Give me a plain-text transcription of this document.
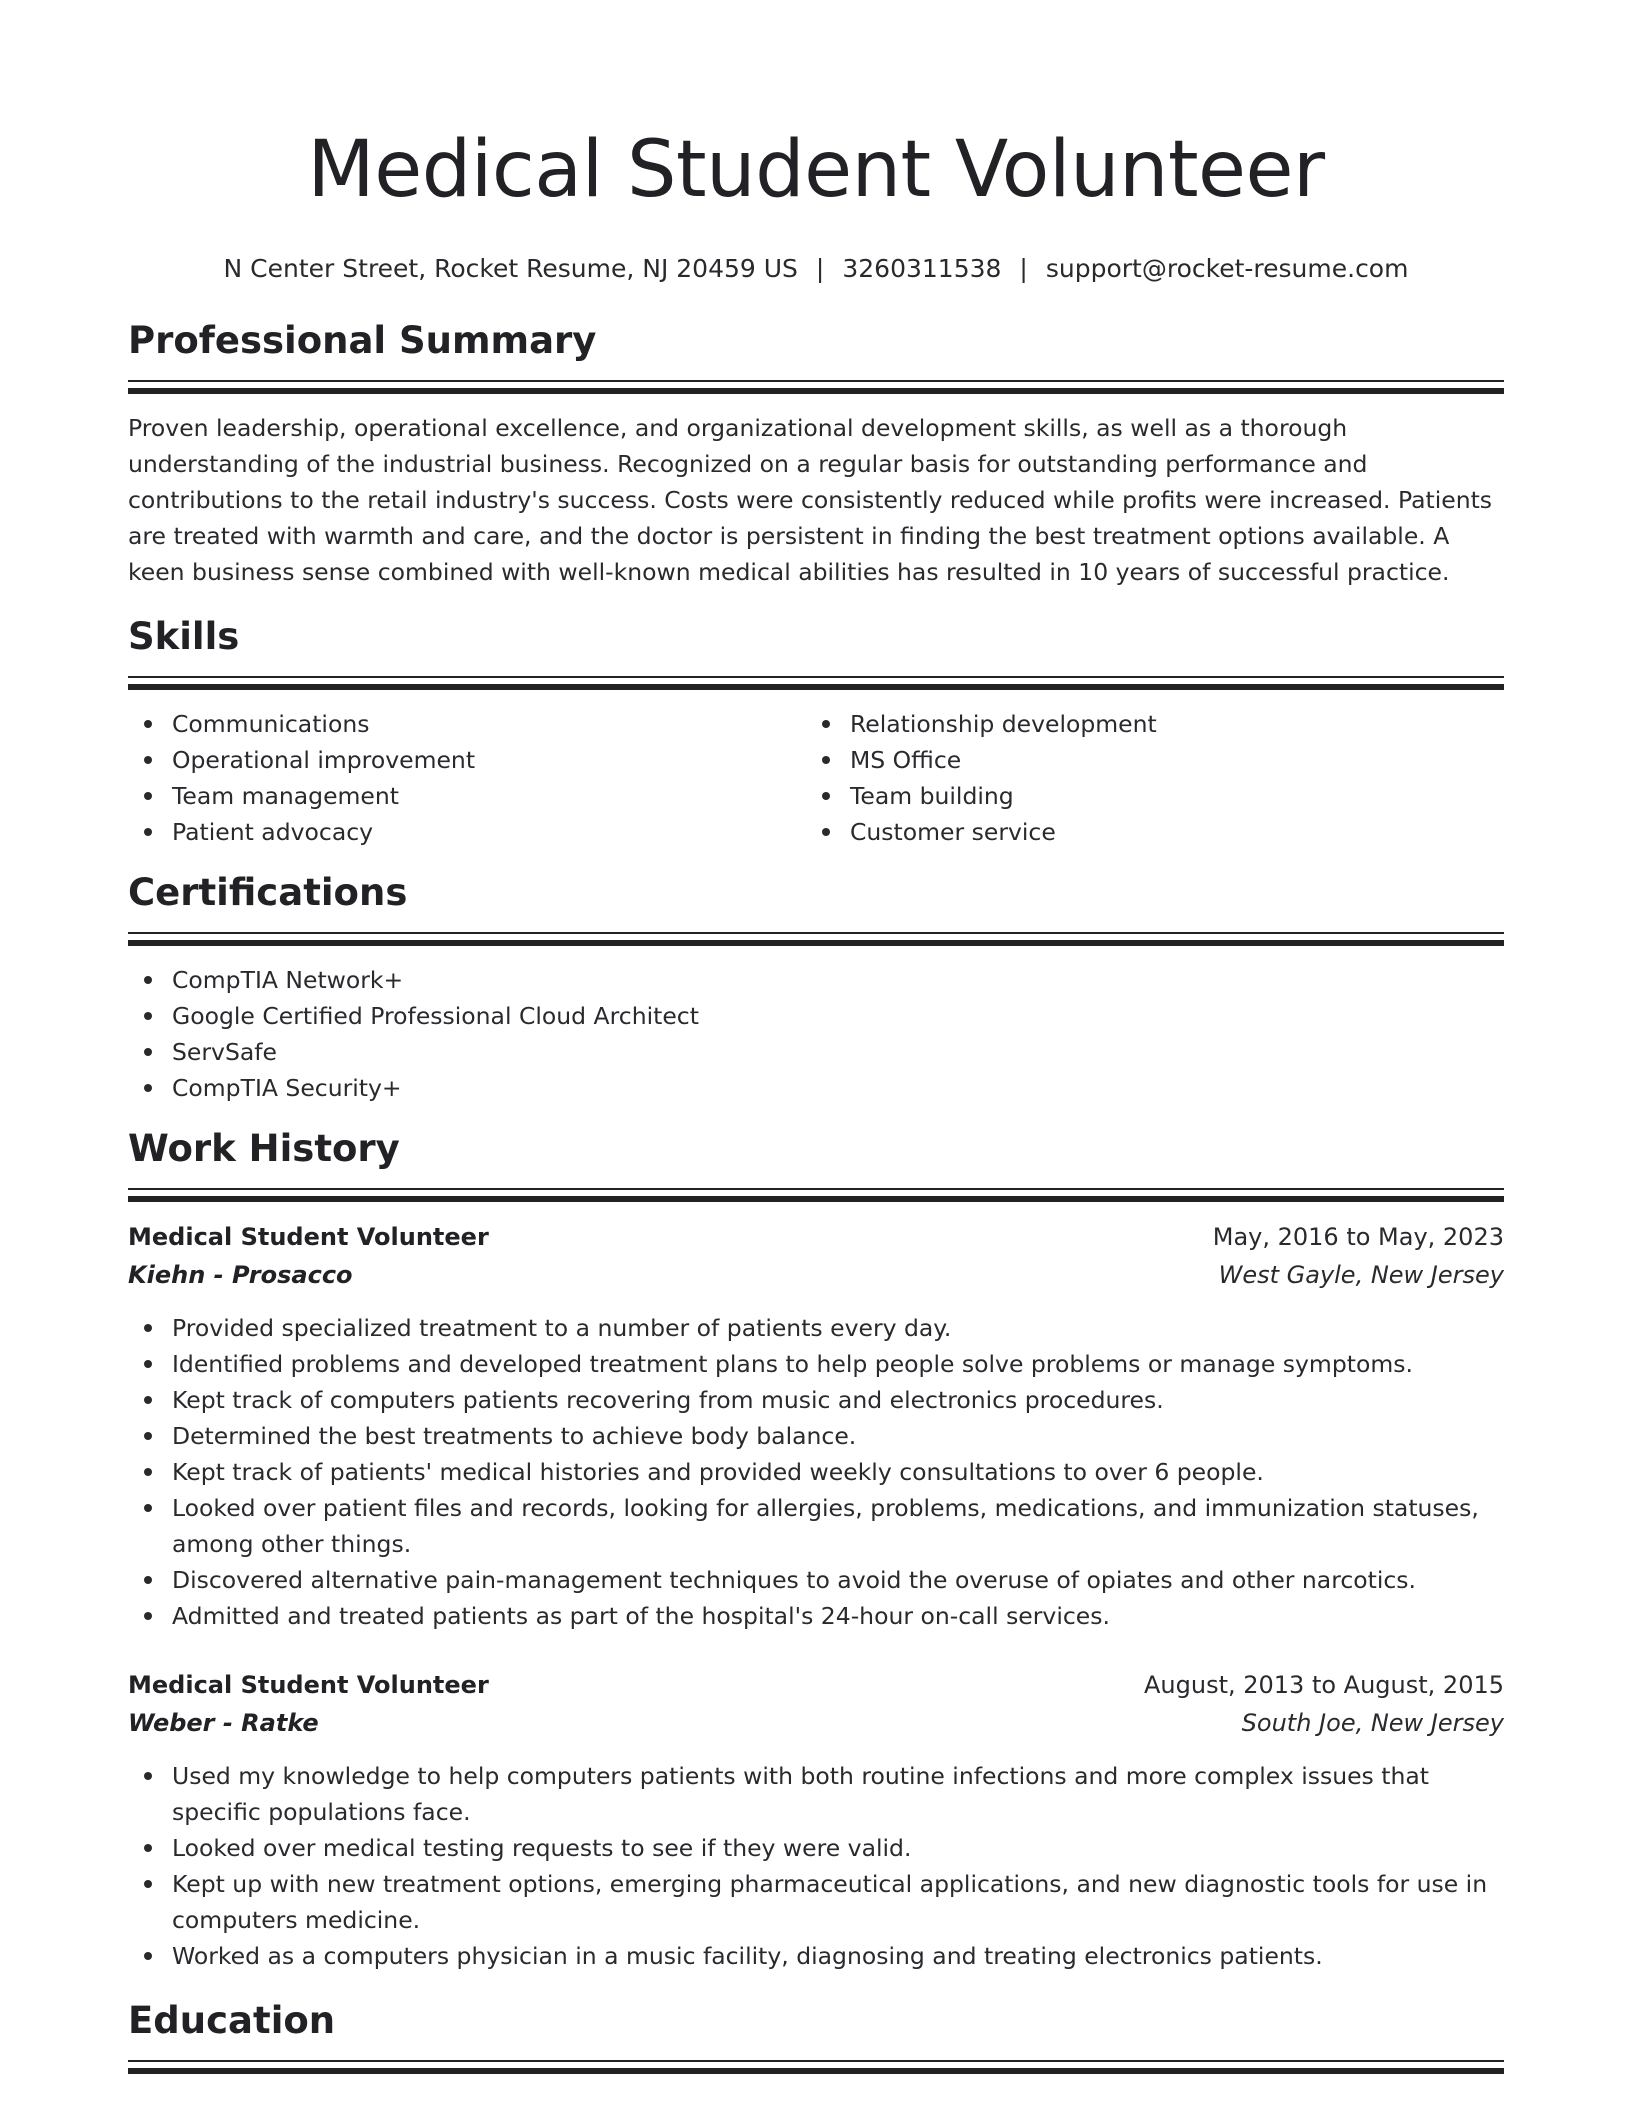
Medical Student Volunteer
N Center Street, Rocket Resume, NJ 20459 US | 3260311538 | support@rocket-resume.com
Professional Summary

Proven leadership, operational excellence, and organizational development skills, as well as a thorough understanding of the industrial business. Recognized on a regular basis for outstanding performance and contributions to the retail industry's success. Costs were consistently reduced while profits were increased. Patients are treated with warmth and care, and the doctor is persistent in finding the best treatment options available. A keen business sense combined with well-known medical abilities has resulted in 10 years of successful practice.

Skills
Communications
Operational improvement
Team management
Patient advocacy
Relationship development
MS Office
Team building
Customer service
Certifications
CompTIA Network+
Google Certified Professional Cloud Architect
ServSafe
CompTIA Security+
Work History
Medical Student Volunteer	May, 2016 to May, 2023
Kiehn - Prosacco	West Gayle, New Jersey
Provided specialized treatment to a number of patients every day.
Identified problems and developed treatment plans to help people solve problems or manage symptoms.
Kept track of computers patients recovering from music and electronics procedures.
Determined the best treatments to achieve body balance.
Kept track of patients' medical histories and provided weekly consultations to over 6 people.
Looked over patient files and records, looking for allergies, problems, medications, and immunization statuses, among other things.
Discovered alternative pain-management techniques to avoid the overuse of opiates and other narcotics.
Admitted and treated patients as part of the hospital's 24-hour on-call services.
Medical Student Volunteer	August, 2013 to August, 2015
Weber - Ratke	South Joe, New Jersey
Used my knowledge to help computers patients with both routine infections and more complex issues that specific populations face.
Looked over medical testing requests to see if they were valid.
Kept up with new treatment options, emerging pharmaceutical applications, and new diagnostic tools for use in computers medicine.
Worked as a computers physician in a music facility, diagnosing and treating electronics patients.
Education
